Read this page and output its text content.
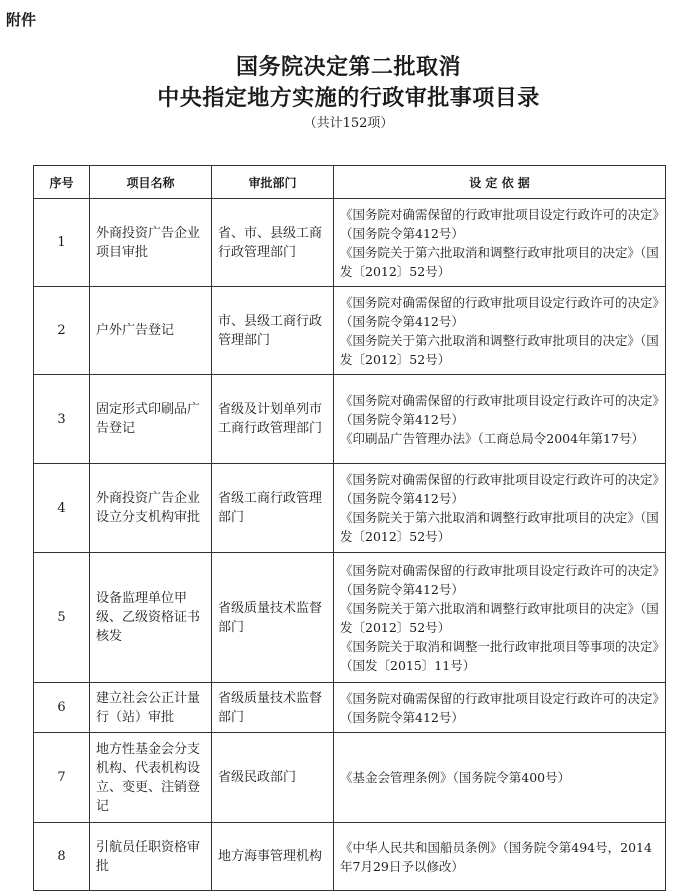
附件
国务院决定第二批取消
中央指定地方实施的行政审批事项目录
（共计152项）
序号	项目名称	审批部门	设 定 依 据
1	外商投资广告企业项目审批	省、市、县级工商行政管理部门	《国务院对确需保留的行政审批项目设定行政许可的决定》（国务院令第412号）
《国务院关于第六批取消和调整行政审批项目的决定》（国发〔2012〕52号）

2	户外广告登记	市、县级工商行政管理部门	《国务院对确需保留的行政审批项目设定行政许可的决定》（国务院令第412号）
《国务院关于第六批取消和调整行政审批项目的决定》（国发〔2012〕52号）

3	固定形式印刷品广告登记	省级及计划单列市工商行政管理部门	《国务院对确需保留的行政审批项目设定行政许可的决定》（国务院令第412号）
《印刷品广告管理办法》（工商总局令2004年第17号）

4	外商投资广告企业设立分支机构审批	省级工商行政管理部门	《国务院对确需保留的行政审批项目设定行政许可的决定》（国务院令第412号）
《国务院关于第六批取消和调整行政审批项目的决定》（国发〔2012〕52号）

5	设备监理单位甲级、乙级资格证书核发	省级质量技术监督部门	《国务院对确需保留的行政审批项目设定行政许可的决定》（国务院令第412号）
《国务院关于第六批取消和调整行政审批项目的决定》（国发〔2012〕52号）
《国务院关于取消和调整一批行政审批项目等事项的决定》（国发〔2015〕11号）

6	建立社会公正计量行（站）审批	省级质量技术监督部门	《国务院对确需保留的行政审批项目设定行政许可的决定》（国务院令第412号）

7	地方性基金会分支机构、代表机构设立、变更、注销登记	省级民政部门	《基金会管理条例》（国务院令第400号）

8	引航员任职资格审批	地方海事管理机构	《中华人民共和国船员条例》（国务院令第494号，2014年7月29日予以修改）
